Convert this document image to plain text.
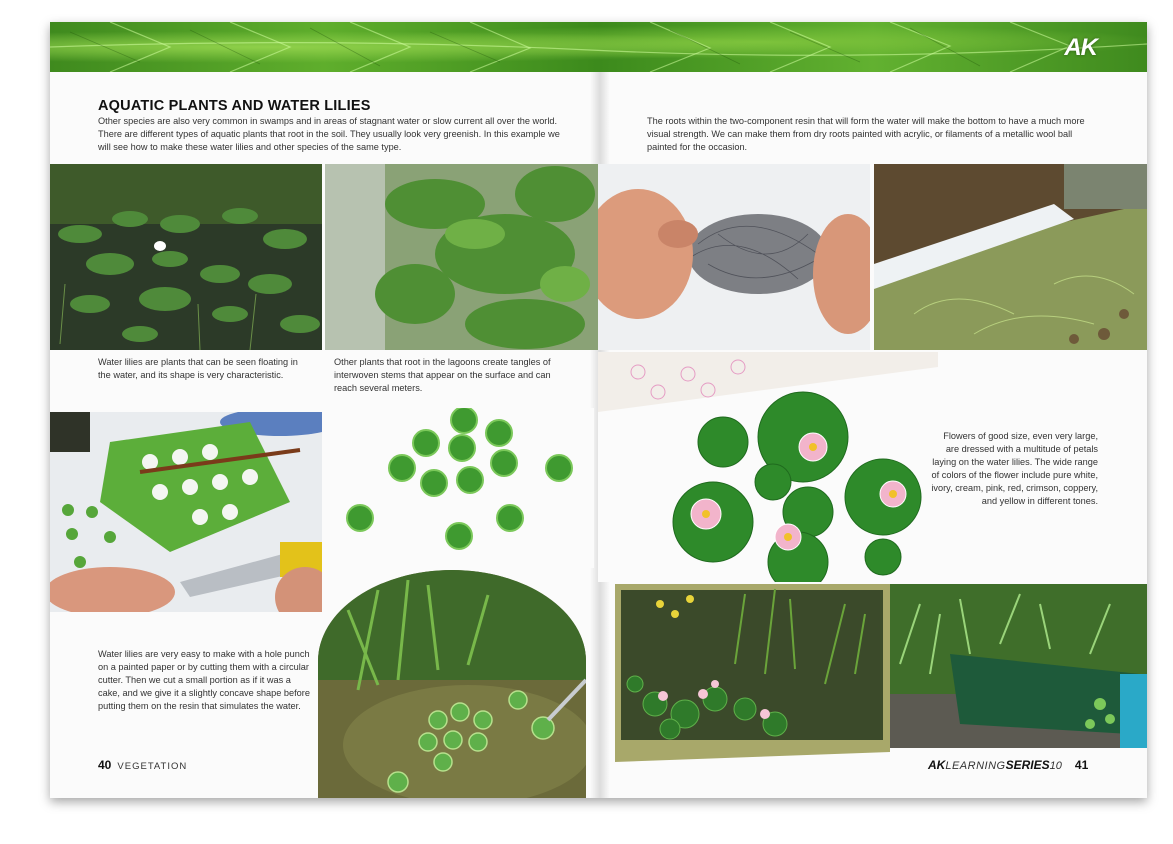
AK
AQUATIC PLANTS AND WATER LILIES
Other species are also very common in swamps and in areas of stagnant water or slow current all over the world. There are different types of aquatic plants that root in the soil. They usually look very greenish. In this example we will see how to make these water lilies and other species of the same type.
Water lilies are plants that can be seen floating in the water, and its shape is very characteristic.
Other plants that root in the lagoons create tangles of interwoven stems that appear on the surface and can reach several meters.
Water lilies are very easy to make with a hole punch on a painted paper or by cutting them with a circular cutter. Then we cut a small portion as if it was a cake, and we give it a slightly concave shape before putting them on the resin that simulates the water.
40 VEGETATION
The roots within the two-component resin that will form the water will make the bottom to have a much more visual strength. We can make them from dry roots painted with acrylic, or filaments of a metallic wool ball painted for the occasion.
Flowers of good size, even very large, are dressed with a multitude of petals laying on the water lilies. The wide range of colors of the flower include pure white, ivory, cream, pink, red, crimson, coppery, and yellow in different tones.
AKLEARNINGSERIES10 41
